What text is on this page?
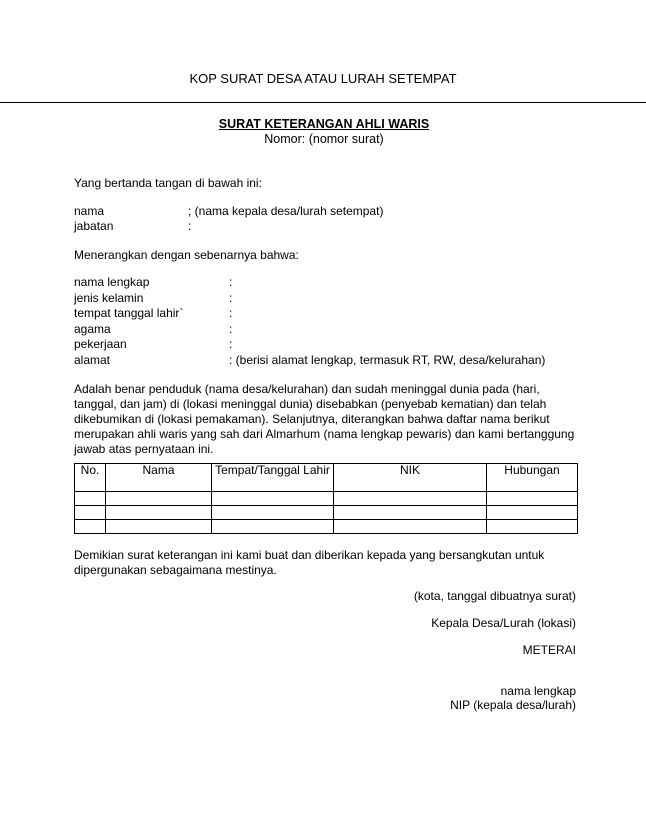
KOP SURAT DESA ATAU LURAH SETEMPAT
SURAT KETERANGAN AHLI WARIS
Nomor: (nomor surat)
Yang bertanda tangan di bawah ini:
nama	; (nama kepala desa/lurah setempat)
jabatan	:
Menerangkan dengan sebenarnya bahwa:
nama lengkap	:
jenis kelamin	:
tempat tanggal lahir`	:
agama	:
pekerjaan	:
alamat	: (berisi alamat lengkap, termasuk RT, RW, desa/kelurahan)
Adalah benar penduduk (nama desa/kelurahan) dan sudah meninggal dunia pada (hari,
tanggal, dan jam) di (lokasi meninggal dunia) disebabkan (penyebab kematian) dan telah
dikebumikan di (lokasi pemakaman). Selanjutnya, diterangkan bahwa daftar nama berikut
merupakan ahli waris yang sah dari Almarhum (nama lengkap pewaris) dan kami bertanggung
jawab atas pernyataan ini.
No.	Nama	Tempat/Tanggal Lahir	NIK	Hubungan

Demikian surat keterangan ini kami buat dan diberikan kepada yang bersangkutan untuk
dipergunakan sebagaimana mestinya.
(kota, tanggal dibuatnya surat)
Kepala Desa/Lurah (lokasi)
METERAI
nama lengkap
NIP (kepala desa/lurah)
